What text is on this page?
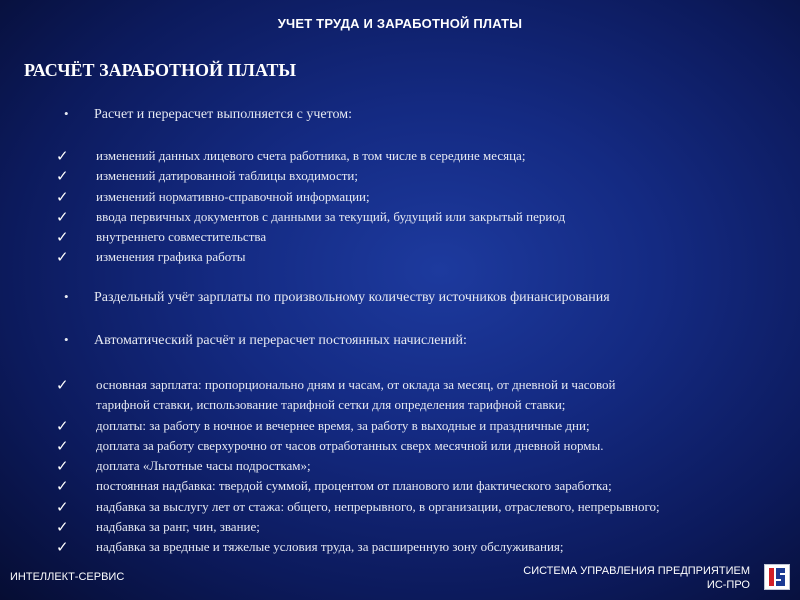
УЧЕТ ТРУДА И ЗАРАБОТНОЙ ПЛАТЫ
РАСЧЁТ ЗАРАБОТНОЙ ПЛАТЫ
• Расчет и перерасчет выполняется с учетом:
✓ изменений данных лицевого счета работника, в том числе в середине месяца;
✓ изменений датированной таблицы входимости;
✓ изменений нормативно-справочной информации;
✓ ввода первичных документов с данными за текущий, будущий или закрытый период
✓ внутреннего совместительства
✓ изменения графика работы
• Раздельный учёт зарплаты по произвольному количеству источников финансирования
• Автоматический расчёт и перерасчет постоянных начислений:
✓ основная зарплата: пропорционально дням и часам, от оклада за месяц, от дневной и часовой
тарифной ставки, использование тарифной сетки для определения тарифной ставки;
✓ доплаты: за работу в ночное и вечернее время, за работу в выходные и праздничные дни;
✓ доплата за работу сверхурочно от часов отработанных сверх месячной или дневной нормы.
✓ доплата «Льготные часы подросткам»;
✓ постоянная надбавка: твердой суммой, процентом от планового или фактического заработка;
✓ надбавка за выслугу лет от стажа: общего, непрерывного, в организации, отраслевого, непрерывного;
✓ надбавка за ранг, чин, звание;
✓ надбавка за вредные и тяжелые условия труда, за расширенную зону обслуживания;
ИНТЕЛЛЕКТ-СЕРВИС	СИСТЕМА УПРАВЛЕНИЯ ПРЕДПРИЯТИЕМ
ИС-ПРО
